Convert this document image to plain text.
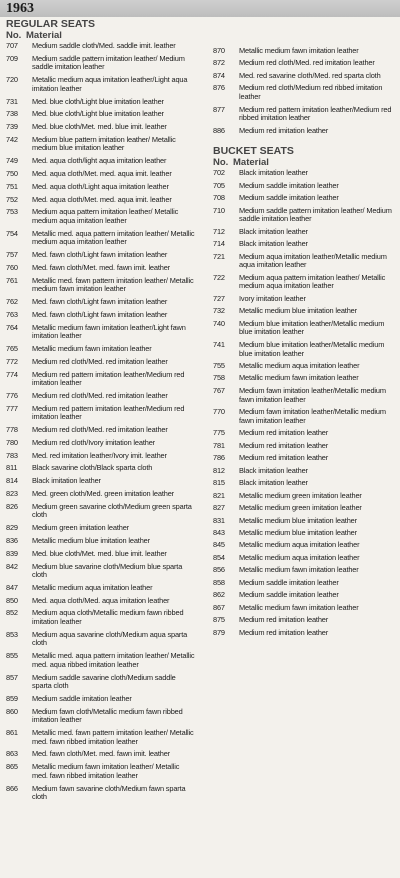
1963
REGULAR SEATS
No. Material
707	Medium saddle cloth/Med. saddle imit. leather
709	Medium saddle pattern imitation leather/ Medium saddle imitation leather
720	Metallic medium aqua imitation leather/Light aqua imitation leather
731	Med. blue cloth/Light blue imitation leather
738	Med. blue cloth/Light blue imitation leather
739	Med. blue cloth/Met. med. blue imit. leather
742	Medium blue pattern imitation leather/ Metallic medium blue imitation leather
749	Med. aqua cloth/light aqua imitation leather
750	Med. aqua cloth/Met. med. aqua imit. leather
751	Med. aqua cloth/Light aqua imitation leather
752	Med. aqua cloth/Met. med. aqua imit. leather
753	Medium aqua pattern imitation leather/ Metallic medium aqua imitation leather
754	Metallic med. aqua pattern imitation leather/ Metallic medium aqua imitation leather
757	Med. fawn cloth/Light fawn imitation leather
760	Med. fawn cloth/Met. med. fawn imit. leather
761	Metallic med. fawn pattern imitation leather/ Metallic medium fawn imitation leather
762	Med. fawn cloth/Light fawn imitation leather
763	Med. fawn cloth/Light fawn imitation leather
764	Metallic medium fawn imitation leather/Light fawn imitation leather
765	Metallic medium fawn imitation leather
772	Medium red cloth/Med. red imitation leather
774	Medium red pattern imitation leather/Medium red imitation leather
776	Medium red cloth/Med. red imitation leather
777	Medium red pattern imitation leather/Medium red imitation leather
778	Medium red cloth/Med. red imitation leather
780	Medium red cloth/Ivory imitation leather
783	Med. red imitation leather/Ivory imit. leather
811	Black savarine cloth/Black sparta cloth
814	Black imitation leather
823	Med. green cloth/Med. green imitation leather
826	Medium green savarine cloth/Medium green sparta cloth
829	Medium green imitation leather
836	Metallic medium blue imitation leather
839	Med. blue cloth/Met. med. blue imit. leather
842	Medium blue savarine cloth/Medium blue sparta cloth
847	Metallic medium aqua imitation leather
850	Med. aqua cloth/Med. aqua imitation leather
852	Medium aqua cloth/Metallic medium fawn ribbed imitation leather
853	Medium aqua savarine cloth/Medium aqua sparta cloth
855	Metallic med. aqua pattern imitation leather/ Metallic med. aqua ribbed imitation leather
857	Medium saddle savarine cloth/Medium saddle sparta cloth
859	Medium saddle imitation leather
860	Medium fawn cloth/Metallic medium fawn ribbed imitation leather
861	Metallic med. fawn pattern imitation leather/ Metallic med. fawn ribbed imitation leather
863	Med. fawn cloth/Met. med. fawn imit. leather
865	Metallic medium fawn imitation leather/ Metallic med. fawn ribbed imitation leather
866	Medium fawn savarine cloth/Medium fawn sparta cloth
870	Metallic medium fawn imitation leather
872	Medium red cloth/Med. red imitation leather
874	Med. red savarine cloth/Med. red sparta cloth
876	Medium red cloth/Medium red ribbed imitation leather
877	Medium red pattern imitation leather/Medium red ribbed imitation leather
886	Medium red imitation leather
BUCKET SEATS
No. Material
702	Black imitation leather
705	Medium saddle imitation leather
708	Medium saddle imitation leather
710	Medium saddle pattern imitation leather/ Medium saddle imitation leather
712	Black imitation leather
714	Black imitation leather
721	Medium aqua imitation leather/Metallic medium aqua imitation leather
722	Medium aqua pattern imitation leather/ Metallic medium aqua imitation leather
727	Ivory imitation leather
732	Metallic medium blue imitation leather
740	Medium blue imitation leather/Metallic medium blue imitation leather
741	Medium blue imitation leather/Metallic medium blue imitation leather
755	Metallic medium aqua imitation leather
758	Metallic medium fawn imitation leather
767	Medium fawn imitation leather/Metallic medium fawn imitation leather
770	Medium fawn imitation leather/Metallic medium fawn imitation leather
775	Medium red imitation leather
781	Medium red imitation leather
786	Medium red imitation leather
812	Black imitation leather
815	Black imitation leather
821	Metallic medium green imitation leather
827	Metallic medium green imitation leather
831	Metallic medium blue imitation leather
843	Metallic medium blue imitation leather
845	Metallic medium aqua imitation leather
854	Metallic medium aqua imitation leather
856	Metallic medium fawn imitation leather
858	Medium saddle imitation leather
862	Medium saddle imitation leather
867	Metallic medium fawn imitation leather
875	Medium red imitation leather
879	Medium red imitation leather
